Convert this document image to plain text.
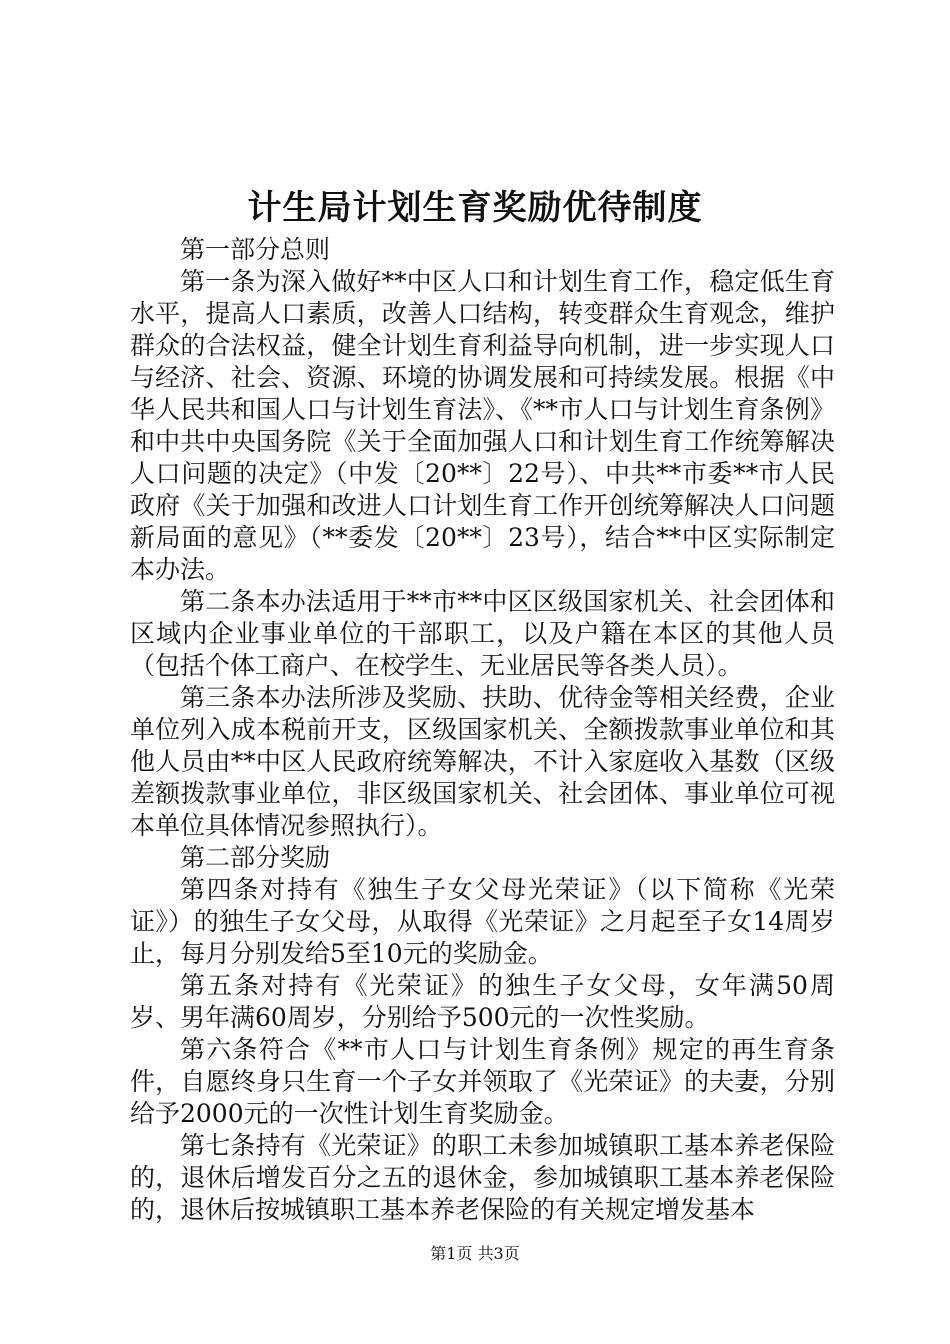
计生局计划生育奖励优待制度

第一部分总则

第一条为深入做好**中区人口和计划生育工作，稳定低生育水平，提高人口素质，改善人口结构，转变群众生育观念，维护群众的合法权益，健全计划生育利益导向机制，进一步实现人口与经济、社会、资源、环境的协调发展和可持续发展。根据《中华人民共和国人口与计划生育法》、《**市人口与计划生育条例》和中共中央国务院《关于全面加强人口和计划生育工作统筹解决人口问题的决定》（中发〔20**〕22号）、中共**市委**市人民政府《关于加强和改进人口计划生育工作开创统筹解决人口问题新局面的意见》（**委发〔20**〕23号），结合**中区实际制定本办法。

第二条本办法适用于**市**中区区级国家机关、社会团体和区域内企业事业单位的干部职工，以及户籍在本区的其他人员（包括个体工商户、在校学生、无业居民等各类人员）。

第三条本办法所涉及奖励、扶助、优待金等相关经费，企业单位列入成本税前开支，区级国家机关、全额拨款事业单位和其他人员由**中区人民政府统筹解决，不计入家庭收入基数（区级差额拨款事业单位，非区级国家机关、社会团体、事业单位可视本单位具体情况参照执行）。

第二部分奖励

第四条对持有《独生子女父母光荣证》（以下简称《光荣证》）的独生子女父母，从取得《光荣证》之月起至子女14周岁止，每月分别发给5至10元的奖励金。

第五条对持有《光荣证》的独生子女父母，女年满50周岁、男年满60周岁，分别给予500元的一次性奖励。

第六条符合《**市人口与计划生育条例》规定的再生育条件，自愿终身只生育一个子女并领取了《光荣证》的夫妻，分别给予2000元的一次性计划生育奖励金。

第七条持有《光荣证》的职工未参加城镇职工基本养老保险的，退休后增发百分之五的退休金，参加城镇职工基本养老保险的，退休后按城镇职工基本养老保险的有关规定增发基本

第1页 共3页
